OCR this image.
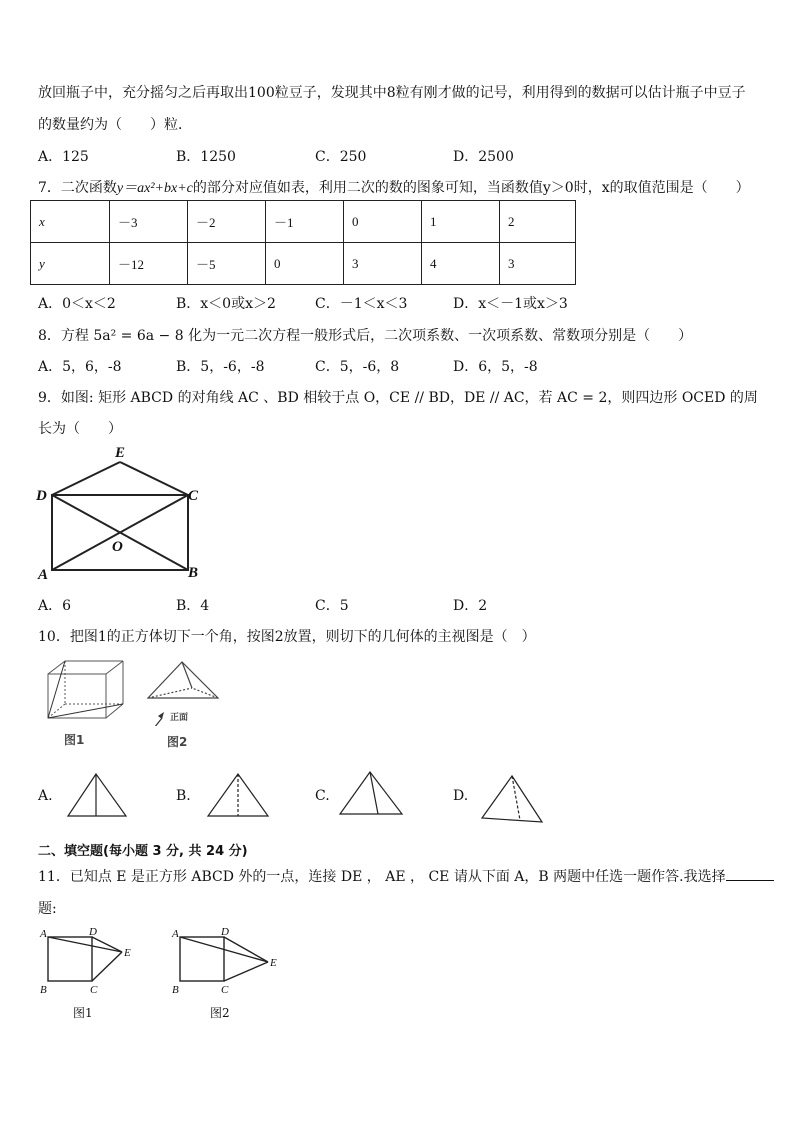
放回瓶子中，充分摇匀之后再取出100粒豆子，发现其中8粒有刚才做的记号，利用得到的数据可以估计瓶子中豆子
的数量约为（　　）粒．
A．125	B．1250	C．250	D．2500
7．二次函数y＝ax²+bx+c的部分对应值如表，利用二次的数的图象可知，当函数值y＞0时，x的取值范围是（　　）
x	－3	－2	－1	0	1	2
y	－12	－5	0	3	4	3
A．0＜x＜2	B．x＜0或x＞2	C．－1＜x＜3	D．x＜－1或x＞3
8．方程 5a² = 6a − 8 化为一元二次方程一般形式后，二次项系数、一次项系数、常数项分别是（　　）
A．5，6，-8	B．5，-6，-8	C．5，-6，8	D．6，5，-8
9．如图: 矩形 ABCD 的对角线 AC 、BD 相较于点 O，CE // BD，DE // AC，若 AC = 2，则四边形 OCED 的周
长为（　　）
E
D	C
O
A	B
A．6	B．4	C．5	D．2
10．把图1的正方体切下一个角，按图2放置，则切下的几何体的主视图是（　）
图1
正面
图2
A.	B.	C.	D.
二、填空题(每小题 3 分, 共 24 分)
11．已知点 E 是正方形 ABCD 外的一点，连接 DE ， AE ， CE 请从下面 A，B 两题中任选一题作答.我选择
题:
A	D
E
B	C
图1
A	D
E
B	C
图2
